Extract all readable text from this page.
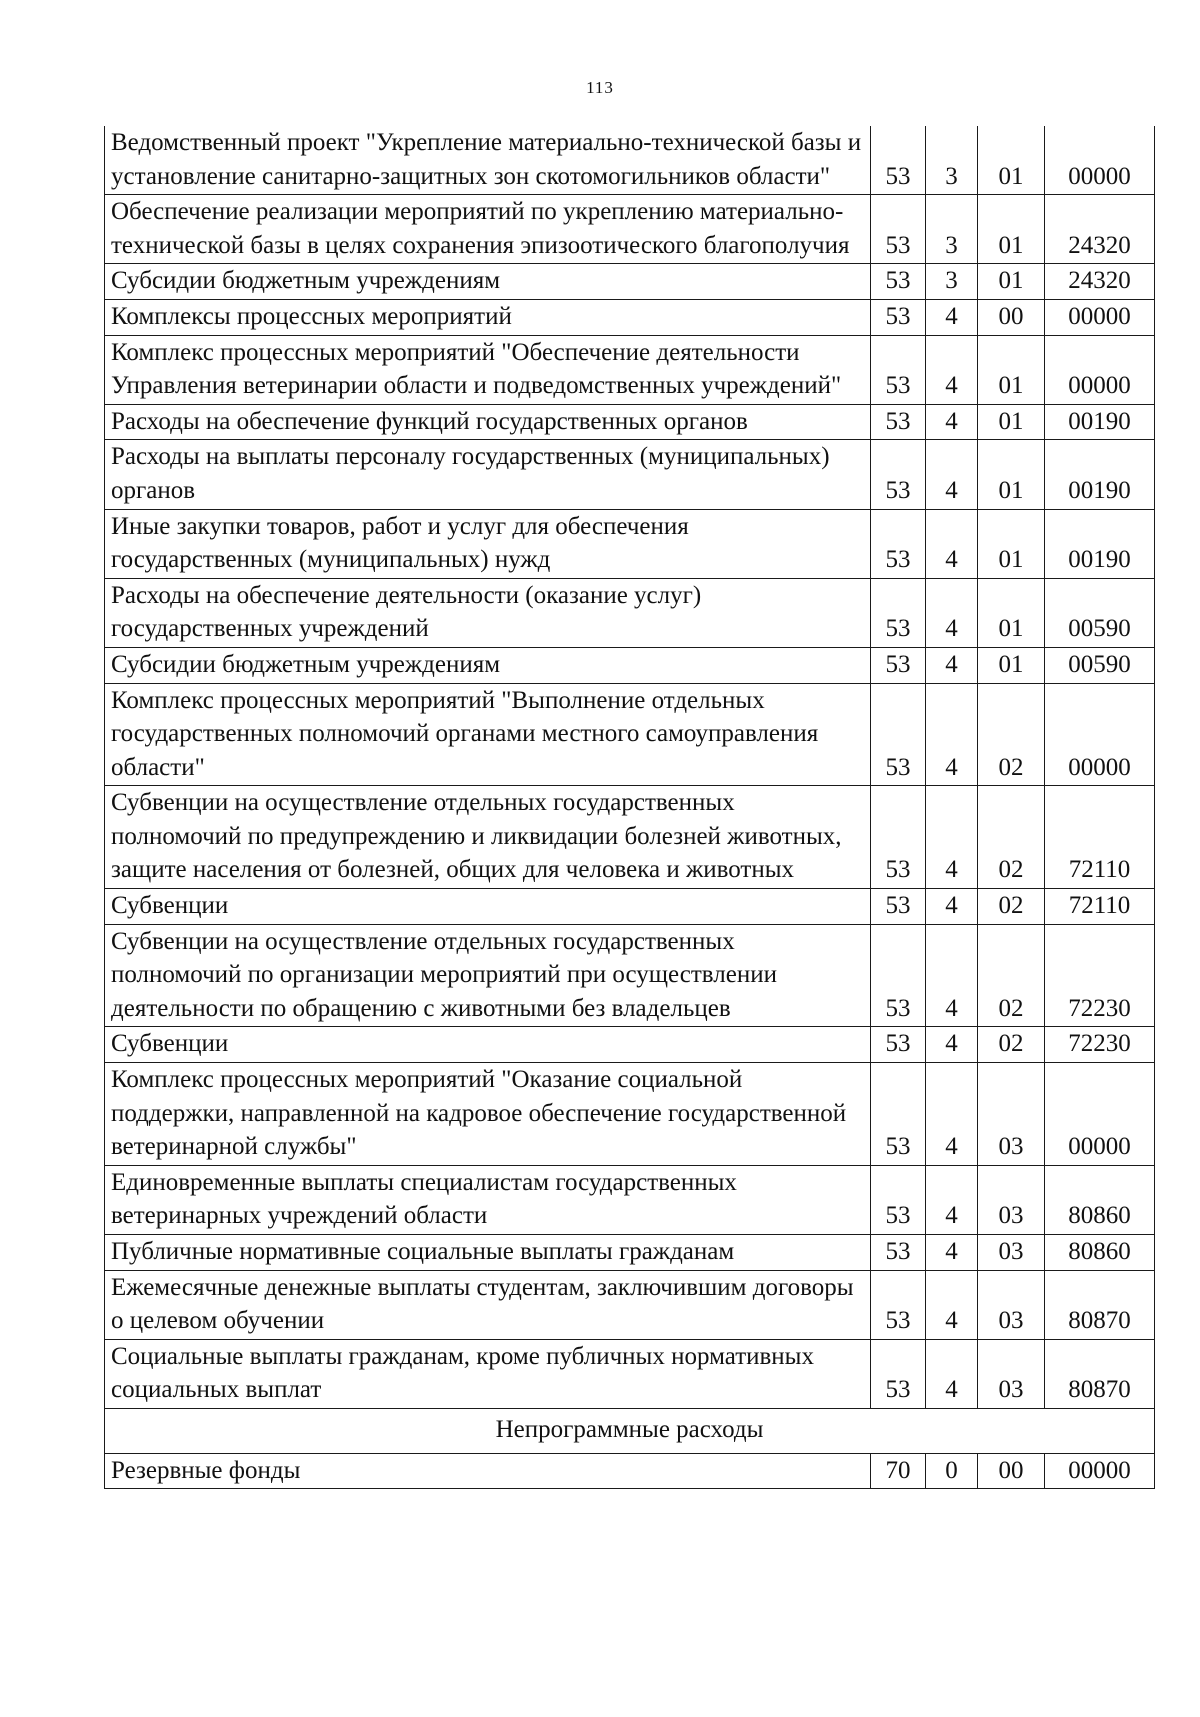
113
Ведомственный проект "Укрепление материально-технической базы и установление санитарно-защитных зон скотомогильников области"	53	3	01	00000
Обеспечение реализации мероприятий по укреплению материально-технической базы в целях сохранения эпизоотического благополучия	53	3	01	24320
Субсидии бюджетным учреждениям	53	3	01	24320
Комплексы процессных мероприятий	53	4	00	00000
Комплекс процессных мероприятий "Обеспечение деятельности Управления ветеринарии области и подведомственных учреждений"	53	4	01	00000
Расходы на обеспечение функций государственных органов	53	4	01	00190
Расходы на выплаты персоналу государственных (муниципальных) органов	53	4	01	00190
Иные закупки товаров, работ и услуг для обеспечения государственных (муниципальных) нужд	53	4	01	00190
Расходы на обеспечение деятельности (оказание услуг) государственных учреждений	53	4	01	00590
Субсидии бюджетным учреждениям	53	4	01	00590
Комплекс процессных мероприятий "Выполнение отдельных государственных полномочий органами местного самоуправления области"	53	4	02	00000
Субвенции на осуществление отдельных государственных полномочий по предупреждению и ликвидации болезней животных, защите населения от болезней, общих для человека и животных	53	4	02	72110
Субвенции	53	4	02	72110
Субвенции на осуществление отдельных государственных полномочий по организации мероприятий при осуществлении деятельности по обращению с животными без владельцев	53	4	02	72230
Субвенции	53	4	02	72230
Комплекс процессных мероприятий "Оказание социальной поддержки, направленной на кадровое обеспечение государственной ветеринарной службы"	53	4	03	00000
Единовременные выплаты специалистам государственных ветеринарных учреждений области	53	4	03	80860
Публичные нормативные социальные выплаты гражданам	53	4	03	80860
Ежемесячные денежные выплаты студентам, заключившим договоры о целевом обучении	53	4	03	80870
Социальные выплаты гражданам, кроме публичных нормативных социальных выплат	53	4	03	80870
Непрограммные расходы				
Резервные фонды	70	0	00	00000
